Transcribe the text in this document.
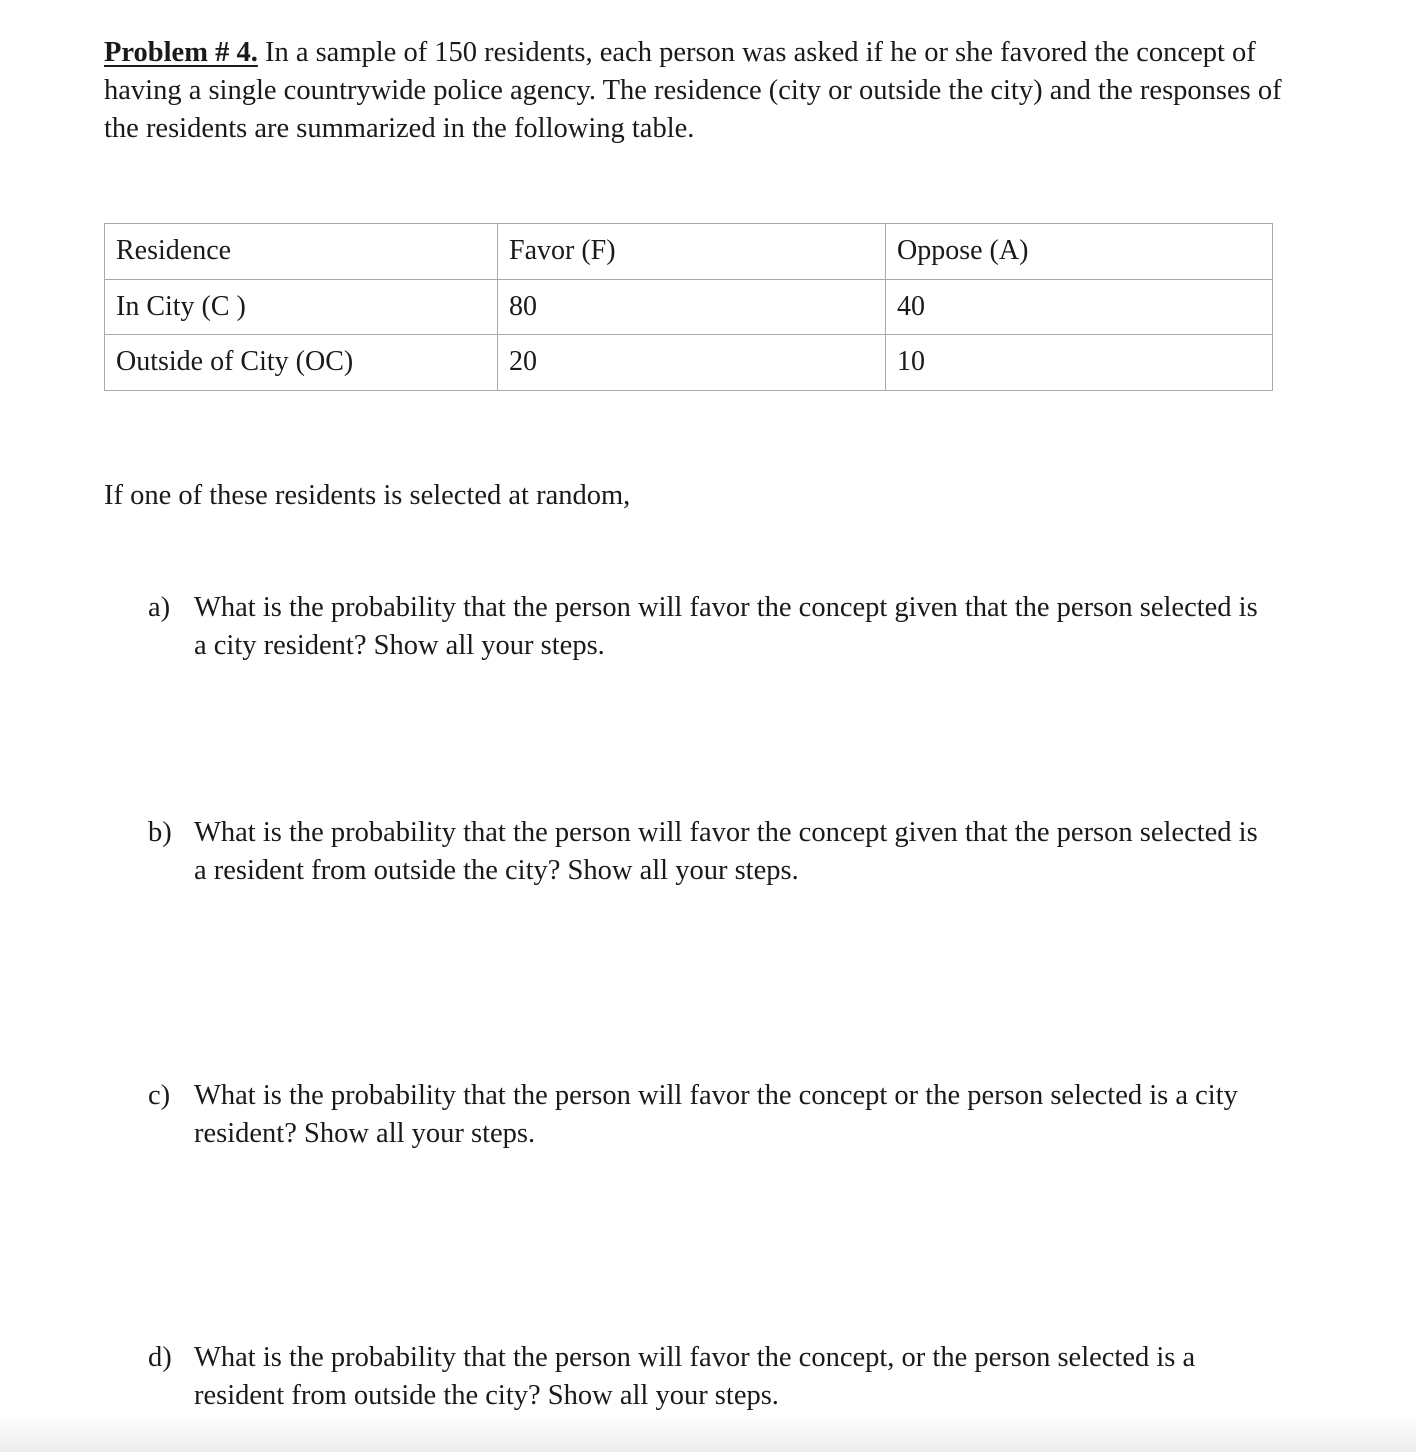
Problem # 4. In a sample of 150 residents, each person was asked if he or she favored the concept of having a single countrywide police agency. The residence (city or outside the city) and the responses of the residents are summarized in the following table.

Residence	Favor (F)	Oppose (A)
In City (C )	80	40
Outside of City (OC)	20	10

If one of these residents is selected at random,

a) What is the probability that the person will favor the concept given that the person selected is a city resident? Show all your steps.
b) What is the probability that the person will favor the concept given that the person selected is a resident from outside the city? Show all your steps.
c) What is the probability that the person will favor the concept or the person selected is a city resident? Show all your steps.
d) What is the probability that the person will favor the concept, or the person selected is a resident from outside the city? Show all your steps.
